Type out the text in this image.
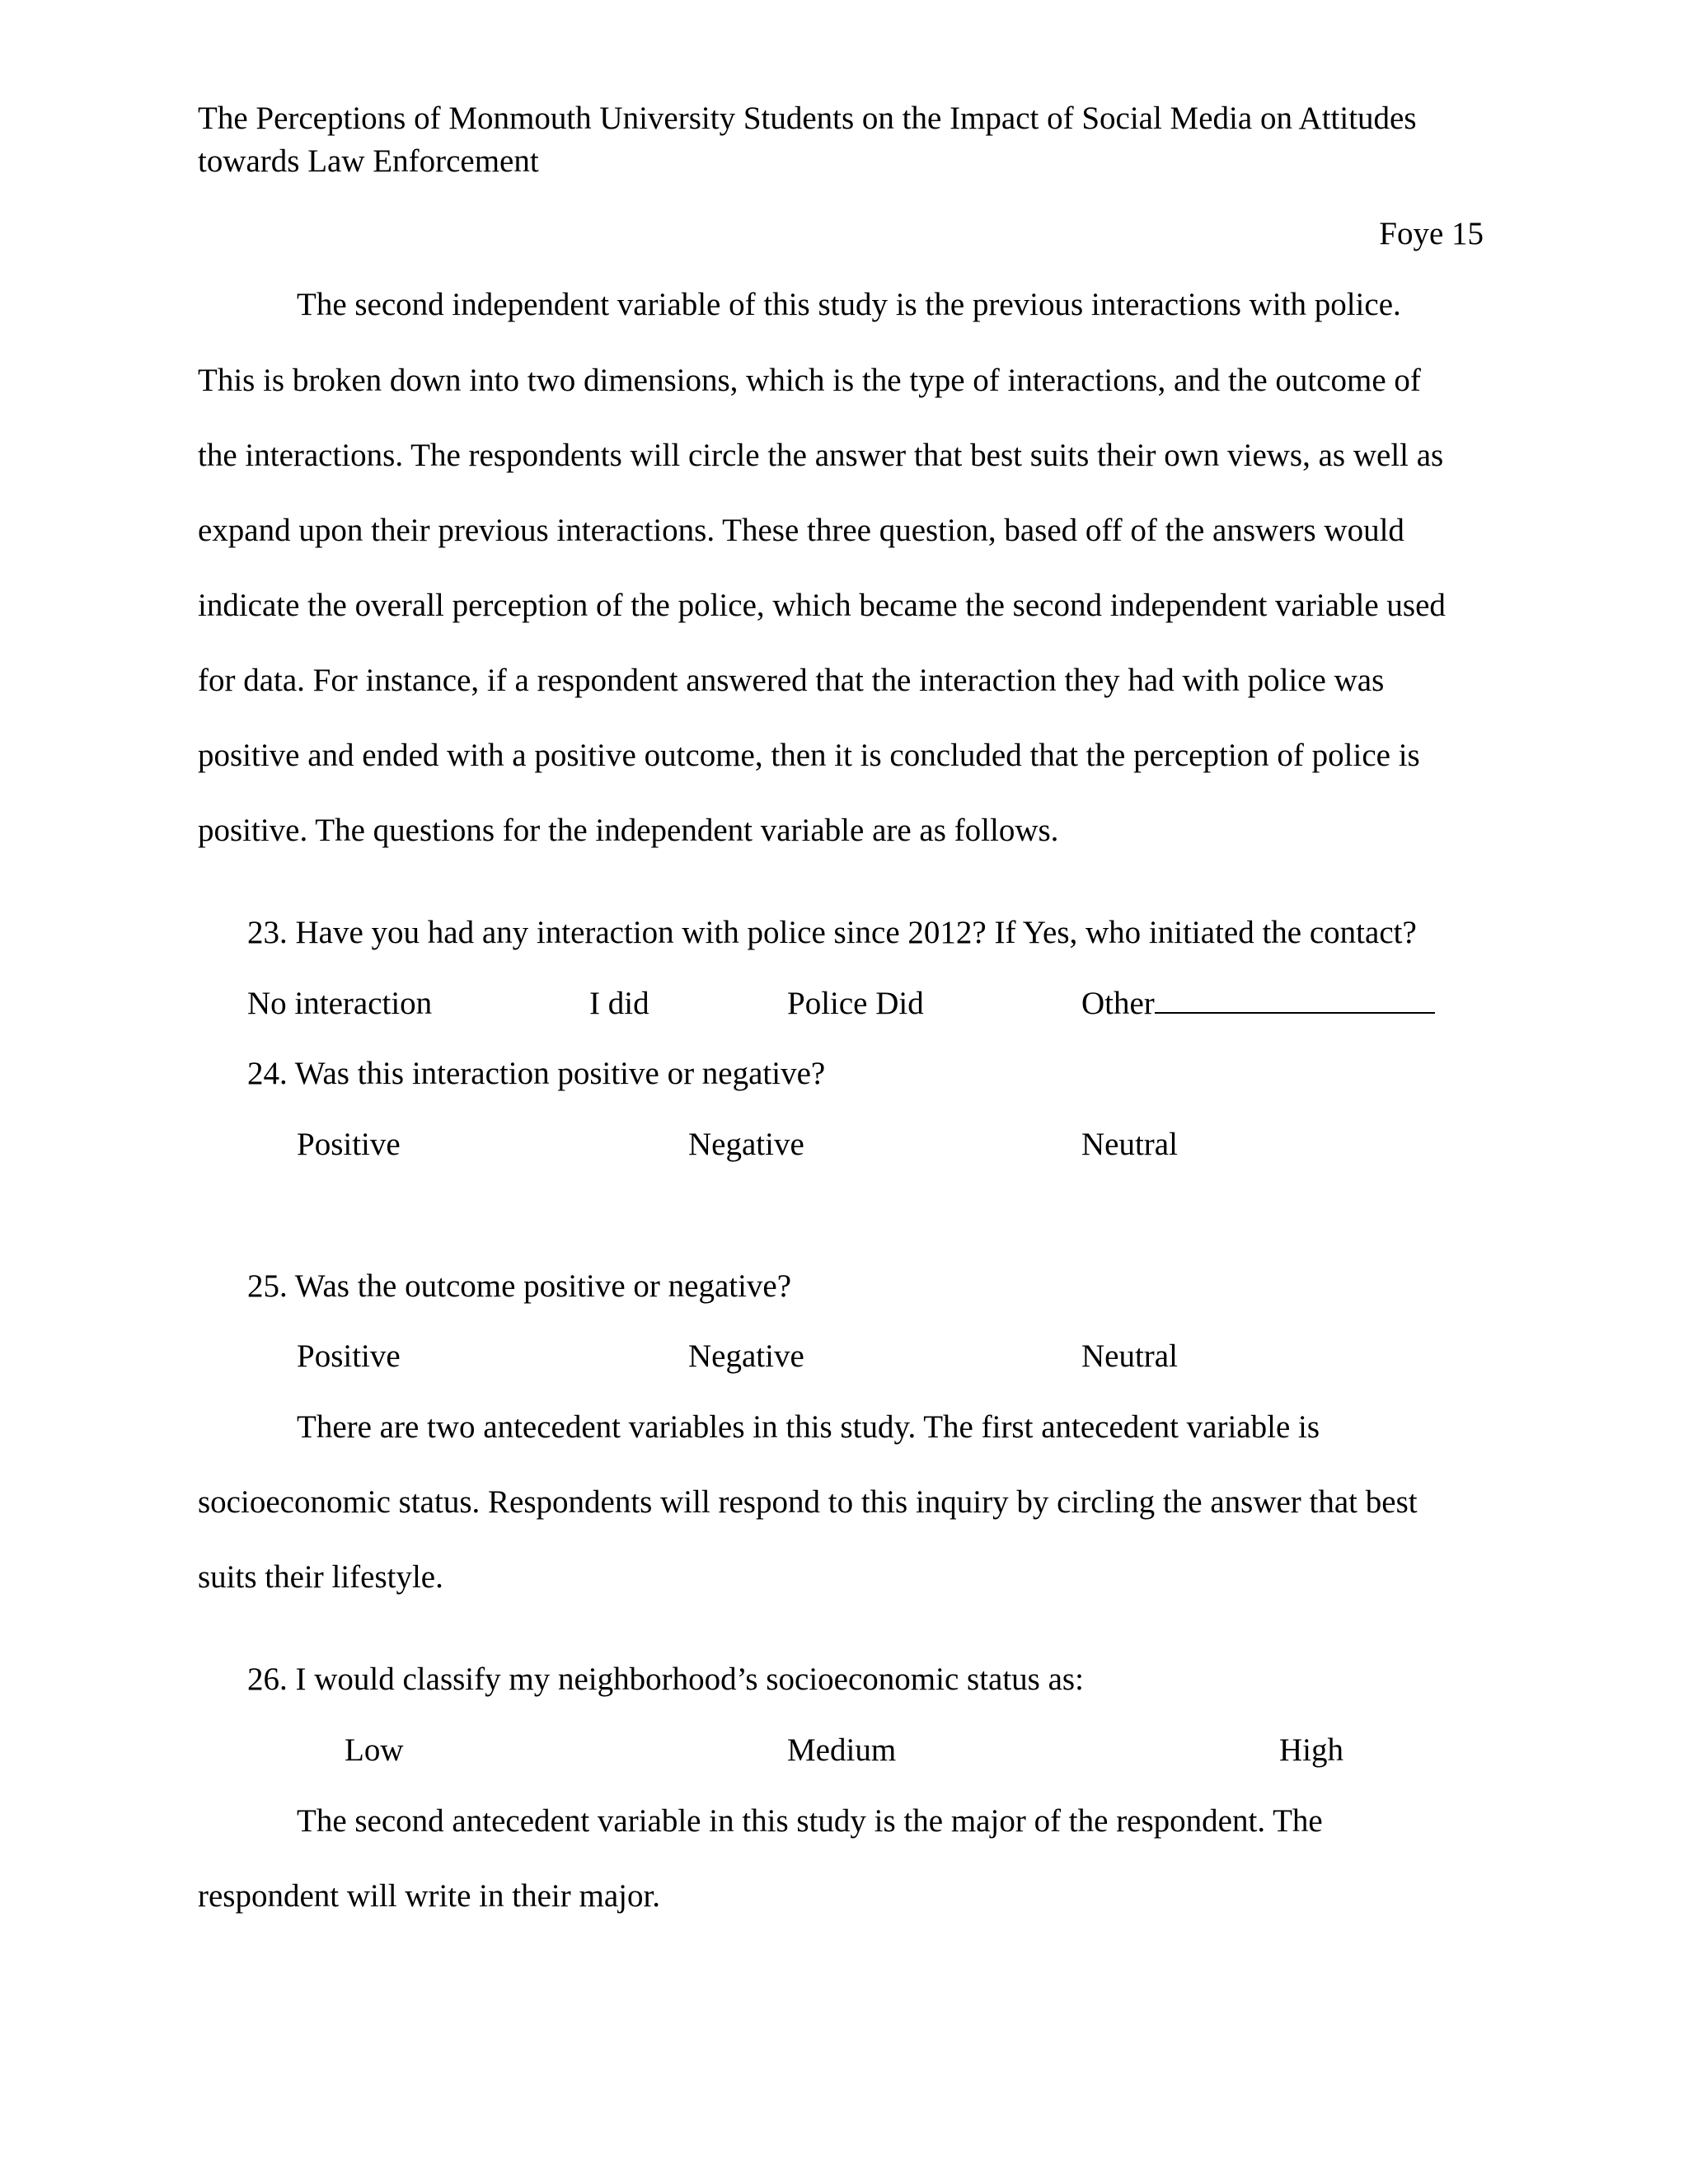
The Perceptions of Monmouth University Students on the Impact of Social Media on Attitudes
towards Law Enforcement
Foye 15
The second independent variable of this study is the previous interactions with police.
This is broken down into two dimensions, which is the type of interactions, and the outcome of
the interactions. The respondents will circle the answer that best suits their own views, as well as
expand upon their previous interactions. These three question, based off of the answers would
indicate the overall perception of the police, which became the second independent variable used
for data. For instance, if a respondent answered that the interaction they had with police was
positive and ended with a positive outcome, then it is concluded that the perception of police is
positive. The questions for the independent variable are as follows.
23. Have you had any interaction with police since 2012? If Yes, who initiated the contact?
No interaction	I did	Police Did	Other
24. Was this interaction positive or negative?
Positive	Negative	Neutral
25. Was the outcome positive or negative?
Positive	Negative	Neutral
There are two antecedent variables in this study. The first antecedent variable is
socioeconomic status. Respondents will respond to this inquiry by circling the answer that best
suits their lifestyle.
26. I would classify my neighborhood’s socioeconomic status as:
Low	Medium	High
The second antecedent variable in this study is the major of the respondent. The
respondent will write in their major.
